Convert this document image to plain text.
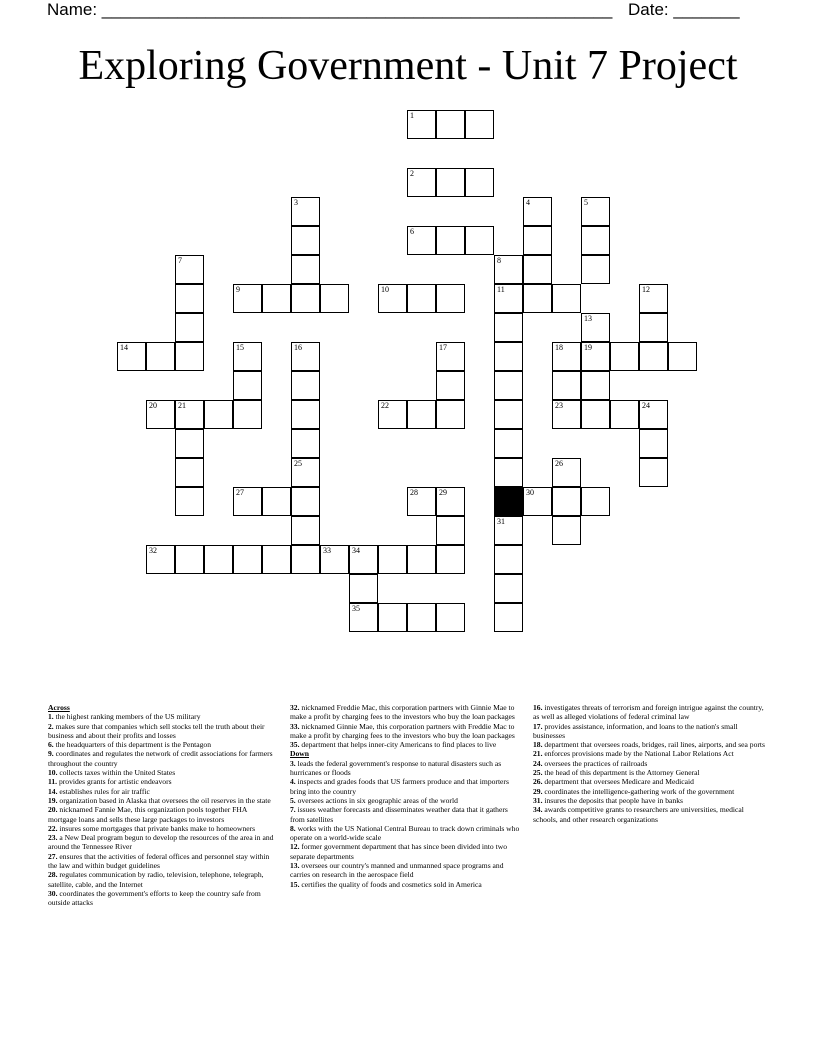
Name: ______________________________________________________ Date: _______
Exploring Government - Unit 7 Project
1
2
3	4	5
6
7	8
9	10	11	12
13
14	15	16	17	18	19
20	21	22	23	24
25	26
27	28	29	30
31
32	33	34
35

Across

1. the highest ranking members of the US military

2. makes sure that companies which sell stocks tell the truth about their business and about their profits and losses

6. the headquarters of this department is the Pentagon

9. coordinates and regulates the network of credit associations for farmers throughout the country

10. collects taxes within the United States

11. provides grants for artistic endeavors

14. establishes rules for air traffic

19. organization based in Alaska that oversees the oil reserves in the state

20. nicknamed Fannie Mae, this organization pools together FHA mortgage loans and sells these large packages to investors

22. insures some mortgages that private banks make to homeowners

23. a New Deal program begun to develop the resources of the area in and around the Tennessee River

27. ensures that the activities of federal offices and personnel stay within the law and within budget guidelines

28. regulates communication by radio, television, telephone, telegraph, satellite, cable, and the Internet

30. coordinates the government's efforts to keep the country safe from outside attacks

32. nicknamed Freddie Mac, this corporation partners with Ginnie Mae to make a profit by charging fees to the investors who buy the loan packages

33. nicknamed Ginnie Mae, this corporation partners with Freddie Mac to make a profit by charging fees to the investors who buy the loan packages

35. department that helps inner-city Americans to find places to live

Down

3. leads the federal government's response to natural disasters such as hurricanes or floods

4. inspects and grades foods that US farmers produce and that importers bring into the country

5. oversees actions in six geographic areas of the world

7. issues weather forecasts and disseminates weather data that it gathers from satellites

8. works with the US National Central Bureau to track down criminals who operate on a world-wide scale

12. former government department that has since been divided into two separate departments

13. oversees our country's manned and unmanned space programs and carries on research in the aerospace field

15. certifies the quality of foods and cosmetics sold in America

16. investigates threats of terrorism and foreign intrigue against the country, as well as alleged violations of federal criminal law

17. provides assistance, information, and loans to the nation's small businesses

18. department that oversees roads, bridges, rail lines, airports, and sea ports

21. enforces provisions made by the National Labor Relations Act

24. oversees the practices of railroads

25. the head of this department is the Attorney General

26. department that oversees Medicare and Medicaid

29. coordinates the intelligence-gathering work of the government

31. insures the deposits that people have in banks

34. awards competitive grants to researchers are universities, medical schools, and other research organizations
